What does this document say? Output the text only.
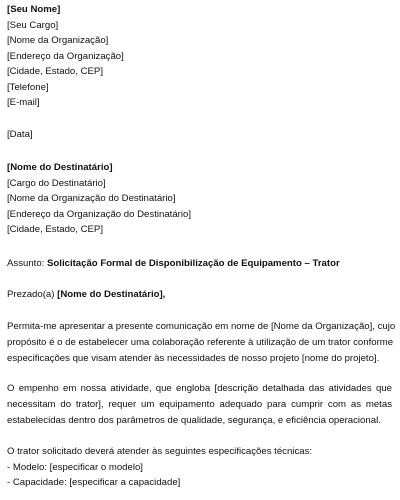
[Seu Nome]
[Seu Cargo]
[Nome da Organização]
[Endereço da Organização]
[Cidade, Estado, CEP]
[Telefone]
[E-mail]
[Data]
[Nome do Destinatário]
[Cargo do Destinatário]
[Nome da Organização do Destinatário]
[Endereço da Organização do Destinatário]
[Cidade, Estado, CEP]
Assunto: Solicitação Formal de Disponibilização de Equipamento – Trator
Prezado(a) [Nome do Destinatário],
Permita-me apresentar a presente comunicação em nome de [Nome da Organização], cujo
propósito é o de estabelecer uma colaboração referente à utilização de um trator conforme
especificações que visam atender às necessidades de nosso projeto [nome do projeto].
O empenho em nossa atividade, que engloba [descrição detalhada das atividades que
necessitam do trator], requer um equipamento adequado para cumprir com as metas
estabelecidas dentro dos parâmetros de qualidade, segurança, e eficiência operacional.
O trator solicitado deverá atender às seguintes especificações técnicas:
- Modelo: [especificar o modelo]
- Capacidade: [especificar a capacidade]
